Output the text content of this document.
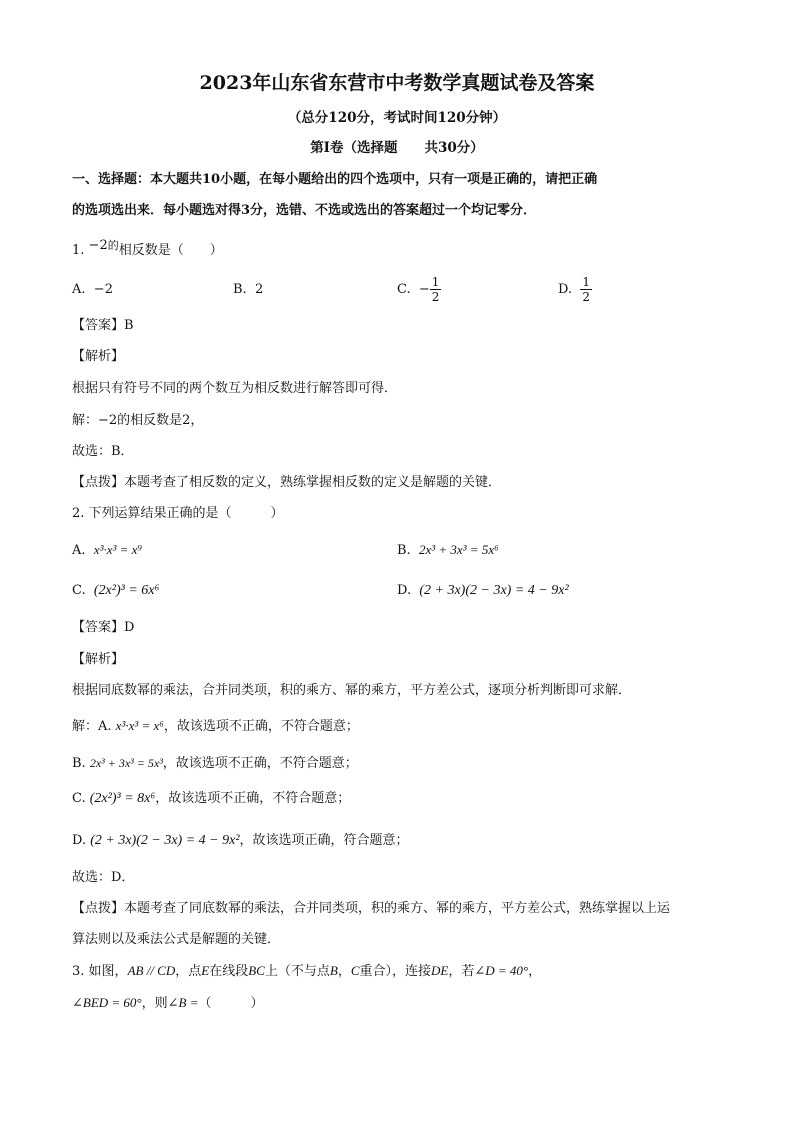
2023年山东省东营市中考数学真题试卷及答案
（总分120分，考试时间120分钟）
第Ⅰ卷（选择题　　共30分）
一、选择题：本大题共10小题，在每小题给出的四个选项中，只有一项是正确的，请把正确
的选项选出来．每小题选对得3分，选错、不选或选出的答案超过一个均记零分．
1. $-2^的$相反数是（　　）
A. −2	B. 2	C. − $\frac{1}{2}$	D. $\frac{1}{2}$
【答案】B
【解析】
根据只有符号不同的两个数互为相反数进行解答即可得．
解：−2的相反数是2，
故选：B．
【点拨】本题考查了相反数的定义，熟练掌握相反数的定义是解题的关键．
2. 下列运算结果正确的是（　　　）
A. x³·x³ = x⁹	B. 2x³ + 3x³ = 5x⁶
C. (2x²)³ = 6x⁶	D. (2 + 3x)(2 − 3x) = 4 − 9x²
【答案】D
【解析】
根据同底数幂的乘法，合并同类项，积的乘方、幂的乘方，平方差公式，逐项分析判断即可求解．
解：A. x³·x³ = x⁶，故该选项不正确，不符合题意；
B. 2x³ + 3x³ = 5x³，故该选项不正确，不符合题意；
C. (2x²)³ = 8x⁶，故该选项不正确，不符合题意；
D. (2 + 3x)(2 − 3x) = 4 − 9x²，故该选项正确，符合题意；
故选：D．
【点拨】本题考查了同底数幂的乘法，合并同类项，积的乘方、幂的乘方，平方差公式，熟练掌握以上运
算法则以及乘法公式是解题的关键．
3. 如图，AB // CD，点E在线段BC上（不与点B，C重合），连接DE，若∠D = 40°，
∠BED = 60°，则∠B =（　　　）
